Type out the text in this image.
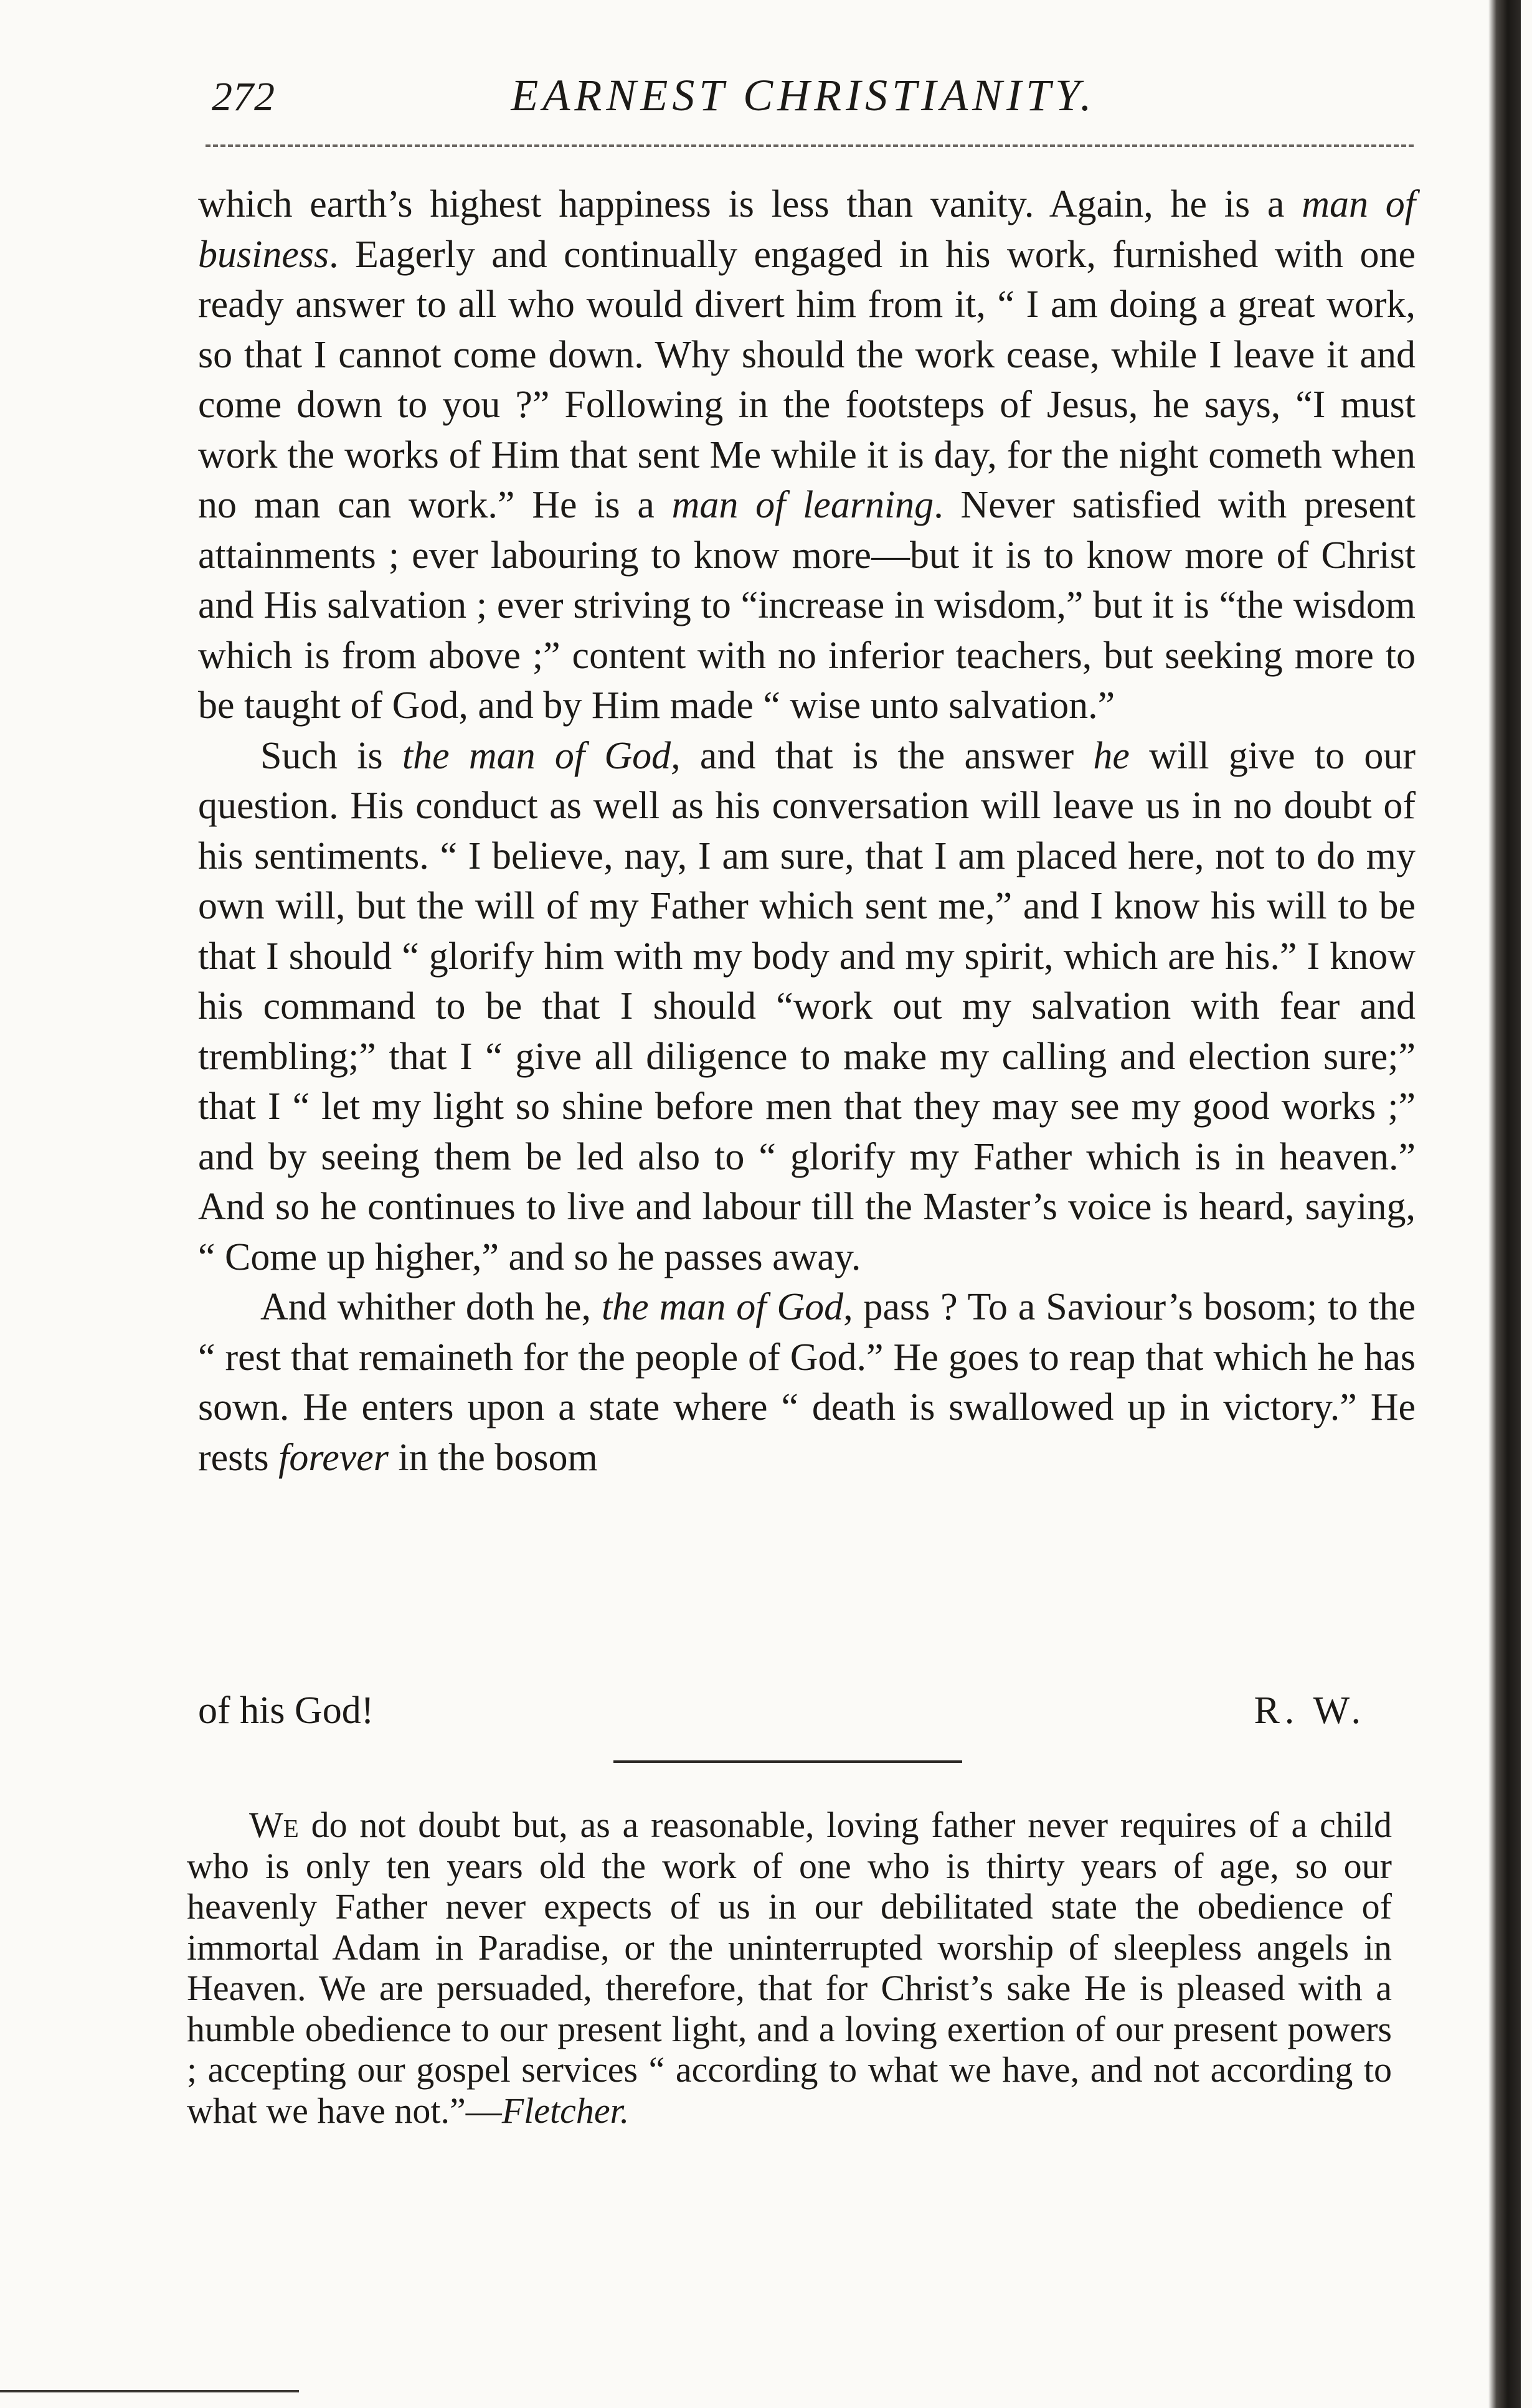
272	EARNEST CHRISTIANITY.

which earth’s highest happiness is less than vanity. Again, he is a man of business. Eagerly and continually engaged in his work, furnished with one ready answer to all who would divert him from it, “ I am doing a great work, so that I cannot come down. Why should the work cease, while I leave it and come down to you ?” Following in the footsteps of Jesus, he says, “I must work the works of Him that sent Me while it is day, for the night cometh when no man can work.” He is a man of learning. Never satisfied with present attainments ; ever labouring to know more—but it is to know more of Christ and His salvation ; ever striving to “increase in wisdom,” but it is “the wisdom which is from above ;” content with no inferior teachers, but seeking more to be taught of God, and by Him made “ wise unto salvation.”

Such is the man of God, and that is the answer he will give to our question. His conduct as well as his conversation will leave us in no doubt of his sentiments. “ I believe, nay, I am sure, that I am placed here, not to do my own will, but the will of my Father which sent me,” and I know his will to be that I should “ glorify him with my body and my spirit, which are his.” I know his command to be that I should “work out my salvation with fear and trembling;” that I “ give all diligence to make my calling and election sure;” that I “ let my light so shine before men that they may see my good works ;” and by seeing them be led also to “ glorify my Father which is in heaven.” And so he continues to live and labour till the Master’s voice is heard, saying, “ Come up higher,” and so he passes away.

And whither doth he, the man of God, pass ? To a Saviour’s bosom; to the “ rest that remaineth for the people of God.” He goes to reap that which he has sown. He enters upon a state where “ death is swallowed up in victory.” He rests forever in the bosom

of his God!	R. W.

We do not doubt but, as a reasonable, loving father never requires of a child who is only ten years old the work of one who is thirty years of age, so our heavenly Father never expects of us in our debilitated state the obedience of immortal Adam in Paradise, or the uninterrupted worship of sleepless angels in Heaven. We are persuaded, therefore, that for Christ’s sake He is pleased with a humble obedience to our present light, and a loving exertion of our present powers ; accepting our gospel services “ according to what we have, and not according to what we have not.”—Fletcher.
